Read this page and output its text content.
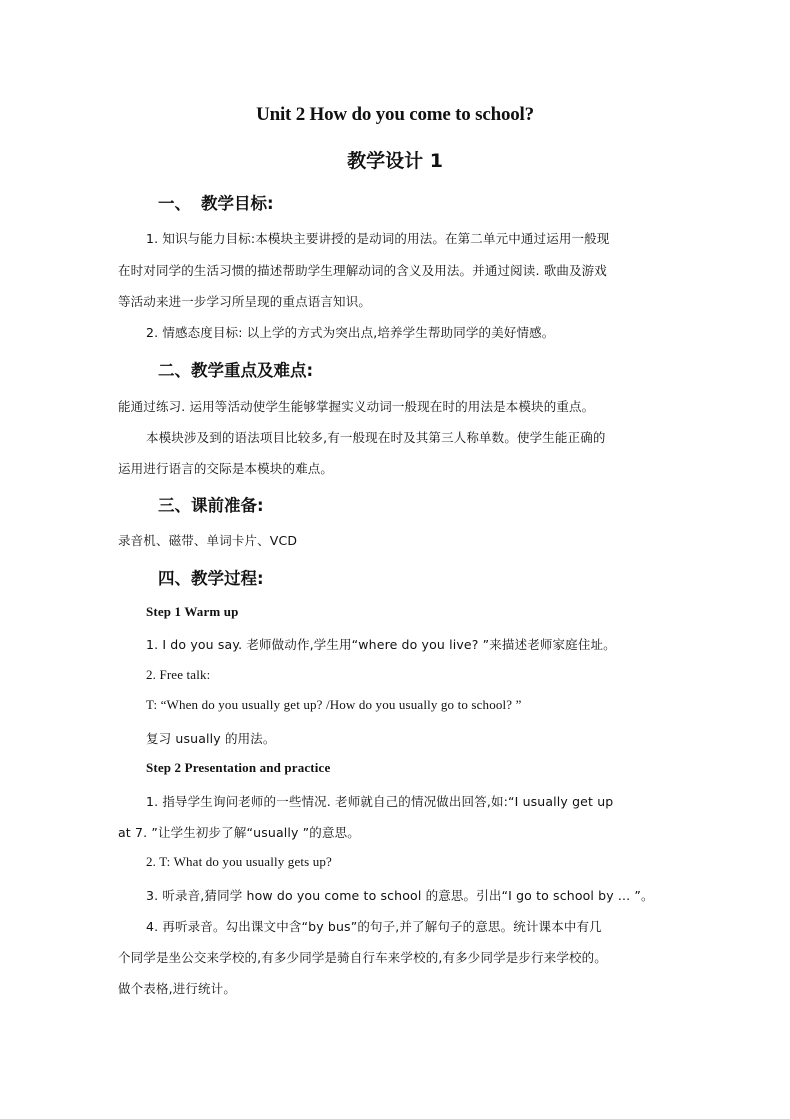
Unit 2 How do you come to school?
教学设计 1
一、 教学目标:
1. 知识与能力目标:本模块主要讲授的是动词的用法。在第二单元中通过运用一般现
在时对同学的生活习惯的描述帮助学生理解动词的含义及用法。并通过阅读. 歌曲及游戏
等活动来进一步学习所呈现的重点语言知识。
2. 情感态度目标: 以上学的方式为突出点,培养学生帮助同学的美好情感。
二、教学重点及难点:
能通过练习. 运用等活动使学生能够掌握实义动词一般现在时的用法是本模块的重点。
本模块涉及到的语法项目比较多,有一般现在时及其第三人称单数。使学生能正确的
运用进行语言的交际是本模块的难点。
三、课前准备:
录音机、磁带、单词卡片、VCD
四、教学过程:
Step 1 Warm up
1. I do you say. 老师做动作,学生用“where do you live? ”来描述老师家庭住址。
2. Free talk:
T: “When do you usually get up? /How do you usually go to school? ”
复习 usually 的用法。
Step 2 Presentation and practice
1. 指导学生询问老师的一些情况. 老师就自己的情况做出回答,如:“I usually get up
at 7. ”让学生初步了解“usually ”的意思。
2. T: What do you usually gets up?
3. 听录音,猜同学 how do you come to school 的意思。引出“I go to school by ... ”。
4. 再听录音。勾出课文中含“by bus”的句子,并了解句子的意思。统计课本中有几
个同学是坐公交来学校的,有多少同学是骑自行车来学校的,有多少同学是步行来学校的。
做个表格,进行统计。
